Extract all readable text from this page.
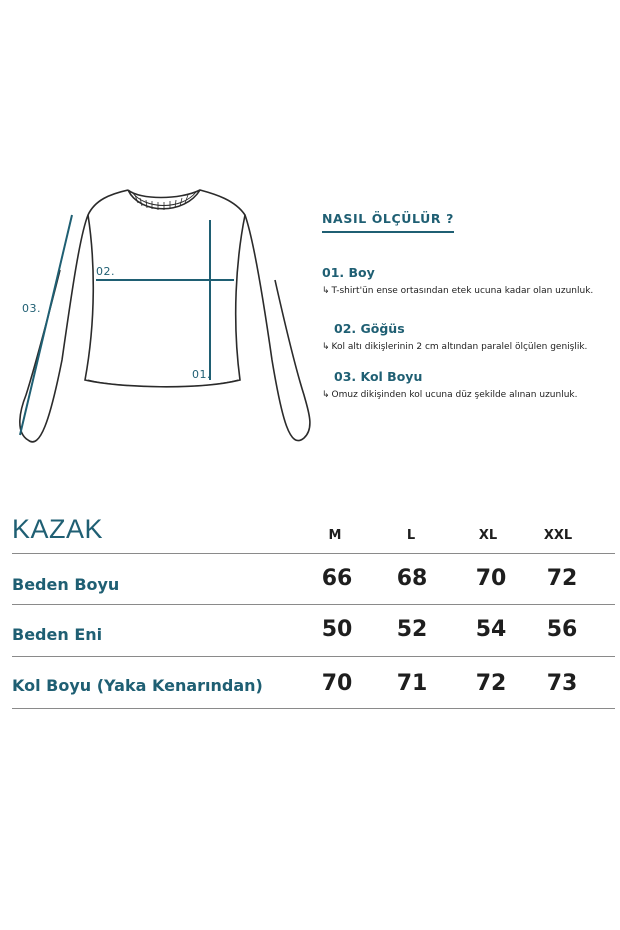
02.
01.
03.
NASIL ÖLÇÜLÜR ?
01. Boy
↳ T-shirt'ün ense ortasından etek ucuna kadar olan uzunluk.
02. Göğüs
↳ Kol altı dikişlerinin 2 cm altından paralel ölçülen genişlik.
03. Kol Boyu
↳ Omuz dikişinden kol ucuna düz şekilde alınan uzunluk.
KAZAK	M	L	XL	XXL
Beden Boyu	66	68	70	72
Beden Eni	50	52	54	56
Kol Boyu (Yaka Kenarından)	70	71	72	73
